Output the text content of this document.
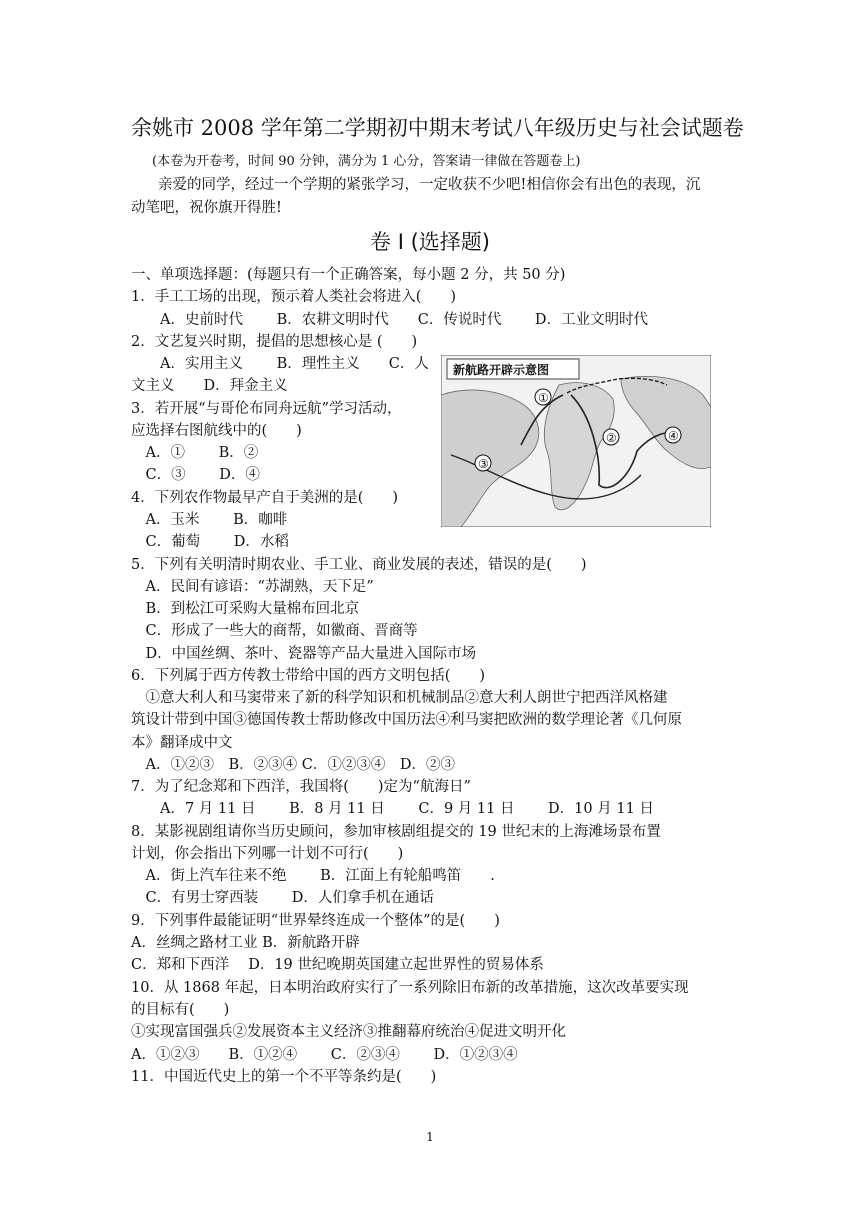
余姚市 2008 学年第二学期初中期末考试八年级历史与社会试题卷
(本卷为开卷考，时间 90 分钟，满分为 1 心分，答案请一律做在答题卷上)
亲爱的同学，经过一个学期的紧张学习，一定收获不少吧!相信你会有出色的表现，沉
动笔吧，祝你旗开得胜!
卷 I (选择题)
一、单项选择题：(每题只有一个正确答案，每小题 2 分，共 50 分)
1．手工工场的出现，预示着人类社会将进入(　　)
　　A．史前时代　　 B．农耕文明时代　　C．传说时代　　 D．工业文明时代
2．文艺复兴时期，提倡的思想核心是 (　　)
　　A．实用主义　　 B．理性主义　　C．人
文主义　　D．拜金主义
3．若开展“与哥伦布同舟远航”学习活动，
应选择右图航线中的(　　)
　A．①　　 B．②
　C．③　　 D．④
4．下列农作物最早产自于美洲的是(　　)
　A．玉米　　 B．咖啡
　C．葡萄　　 D．水稻
5．下列有关明清时期农业、手工业、商业发展的表述，错误的是(　　)
　A．民间有谚语：“苏湖熟，天下足”
　B．到松江可采购大量棉布回北京
　C．形成了一些大的商帮，如徽商、晋商等
　D．中国丝绸、茶叶、瓷器等产品大量进入国际市场
6．下列属于西方传教士带给中国的西方文明包括(　　)
　①意大利人和马窦带来了新的科学知识和机械制品②意大利人朗世宁把西洋风格建
筑设计带到中国③德国传教士帮助修改中国历法④利马窦把欧洲的数学理论著《几何原
本》翻译成中文
　A．①②③　B．②③④ C．①②③④　D．②③
7．为了纪念郑和下西洋，我国将(　　)定为“航海日”
　　A．7 月 11 日　　 B．8 月 11 日　　 C．9 月 11 日　　 D．10 月 11 日
8．某影视剧组请你当历史顾问，参加审核剧组提交的 19 世纪末的上海滩场景布置
计划，你会指出下列哪一计划不可行(　　)
　A．街上汽车往来不绝　　 B．江面上有轮船鸣笛　　.
　C．有男士穿西装　　 D．人们拿手机在通话
9．下列事件最能证明“世界晕终连成一个整体”的是(　　)
A．丝绸之路材工业 B．新航路开辟
C．郑和下西洋　 D．19 世纪晚期英国建立起世界性的贸易体系
10．从 1868 年起，日本明治政府实行了一系列除旧布新的改革措施，这次改革要实现
的目标有(　　)
①实现富国强兵②发展资本主义经济③推翻幕府统治④促进文明开化
A．①②③　　B．①②④　　 C．②③④　　 D．①②③④
11．中国近代史上的第一个不平等条约是(　　)
新航路开辟示意图
①
②
③
④
1
